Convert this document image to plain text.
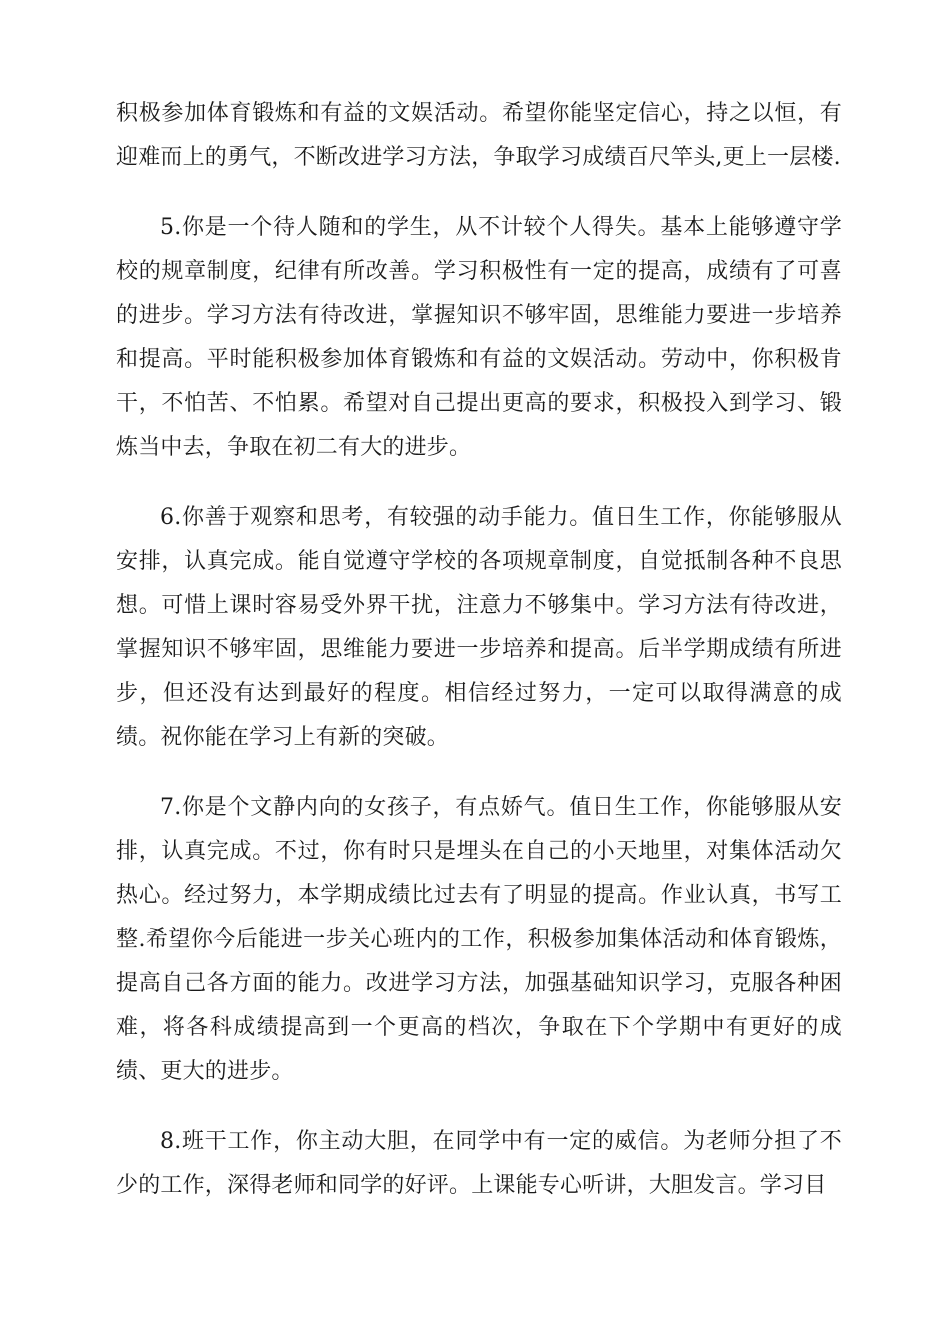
积极参加体育锻炼和有益的文娱活动。希望你能坚定信心，持之以恒，有迎难而上的勇气，不断改进学习方法，争取学习成绩百尺竿头,更上一层楼.

5.你是一个待人随和的学生，从不计较个人得失。基本上能够遵守学校的规章制度，纪律有所改善。学习积极性有一定的提高，成绩有了可喜的进步。学习方法有待改进，掌握知识不够牢固，思维能力要进一步培养和提高。平时能积极参加体育锻炼和有益的文娱活动。劳动中，你积极肯干，不怕苦、不怕累。希望对自己提出更高的要求，积极投入到学习、锻炼当中去，争取在初二有大的进步。

6.你善于观察和思考，有较强的动手能力。值日生工作，你能够服从安排，认真完成。能自觉遵守学校的各项规章制度，自觉抵制各种不良思想。可惜上课时容易受外界干扰，注意力不够集中。学习方法有待改进，掌握知识不够牢固，思维能力要进一步培养和提高。后半学期成绩有所进步，但还没有达到最好的程度。相信经过努力，一定可以取得满意的成绩。祝你能在学习上有新的突破。

7.你是个文静内向的女孩子，有点娇气。值日生工作，你能够服从安排，认真完成。不过，你有时只是埋头在自己的小天地里，对集体活动欠热心。经过努力，本学期成绩比过去有了明显的提高。作业认真，书写工整.希望你今后能进一步关心班内的工作，积极参加集体活动和体育锻炼，提高自己各方面的能力。改进学习方法，加强基础知识学习，克服各种困难，将各科成绩提高到一个更高的档次，争取在下个学期中有更好的成绩、更大的进步。

8.班干工作，你主动大胆，在同学中有一定的威信。为老师分担了不少的工作，深得老师和同学的好评。上课能专心听讲，大胆发言。学习目
